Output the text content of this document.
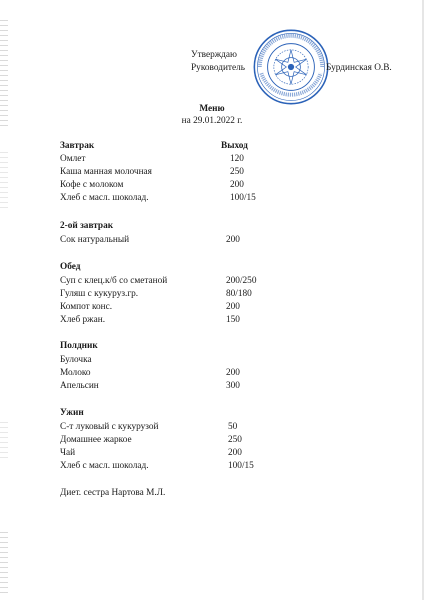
Утверждаю
Руководитель	Бурдинская О.В.
Меню
на 29.01.2022 г.
Завтрак	Выход
Омлет	120
Каша манная молочная	250
Кофе с молоком	200
Хлеб с масл. шоколад.	100/15
2-ой завтрак
Сок натуральный	200
Обед
Суп с клец.к/б со сметаной	200/250
Гуляш с кукуруз.гр.	80/180
Компот конс.	200
Хлеб ржан.	150
Полдник
Булочка
Молоко	200
Апельсин	300
Ужин
С-т луковый с кукурузой	50
Домашнее жаркое	250
Чай	200
Хлеб с масл. шоколад.	100/15
Диет. сестра Нартова М.Л.
